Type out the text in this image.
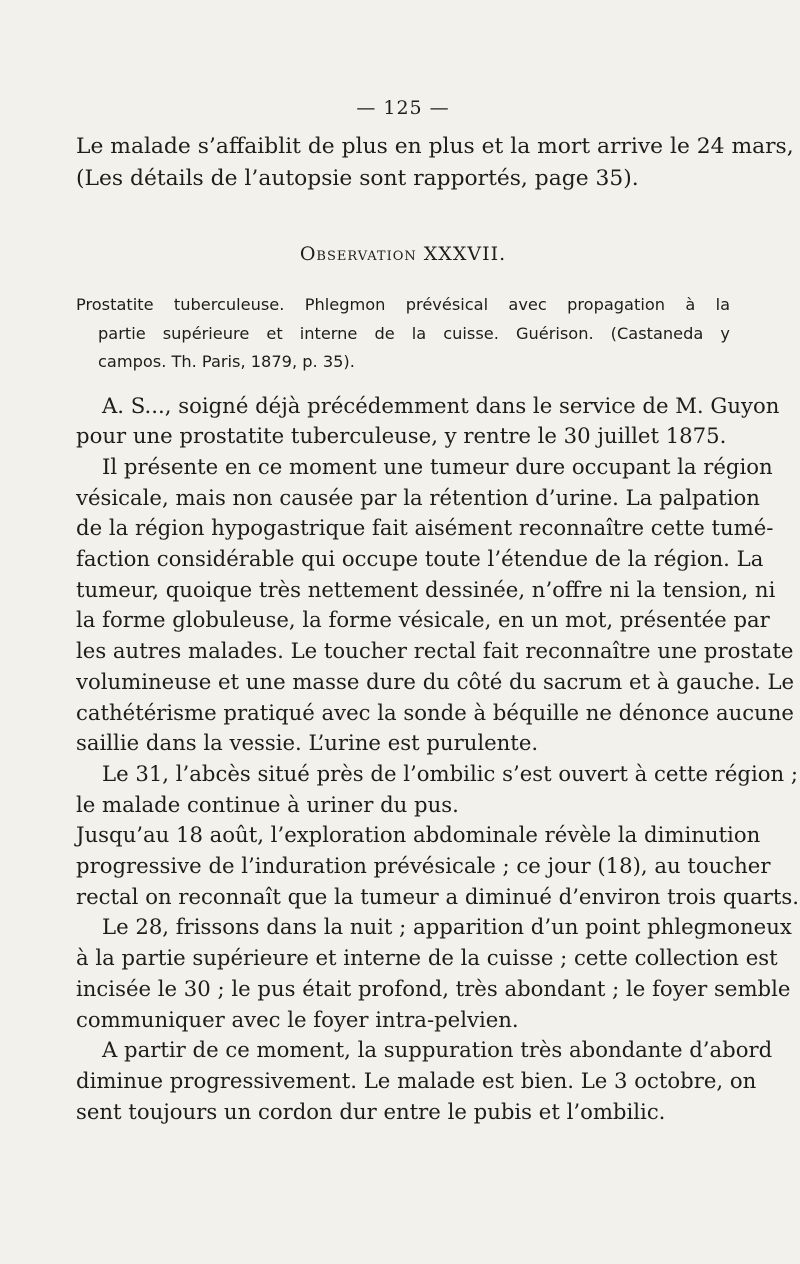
— 125 —
Le malade s’affaiblit de plus en plus et la mort arrive le 24 mars,
(Les détails de l’autopsie sont rapportés, page 35).
Observation XXXVII.
Prostatite tuberculeuse. Phlegmon prévésical avec propagation à la
partie supérieure et interne de la cuisse. Guérison. (Castaneda y
campos. Th. Paris, 1879, p. 35).
A. S..., soigné déjà précédemment dans le service de M. Guyon
pour une prostatite tuberculeuse, y rentre le 30 juillet 1875.
Il présente en ce moment une tumeur dure occupant la région
vésicale, mais non causée par la rétention d’urine. La palpation
de la région hypogastrique fait aisément reconnaître cette tumé-
faction considérable qui occupe toute l’étendue de la région. La
tumeur, quoique très nettement dessinée, n’offre ni la tension, ni
la forme globuleuse, la forme vésicale, en un mot, présentée par
les autres malades. Le toucher rectal fait reconnaître une prostate
volumineuse et une masse dure du côté du sacrum et à gauche. Le
cathétérisme pratiqué avec la sonde à béquille ne dénonce aucune
saillie dans la vessie. L’urine est purulente.
Le 31, l’abcès situé près de l’ombilic s’est ouvert à cette région ;
le malade continue à uriner du pus.
Jusqu’au 18 août, l’exploration abdominale révèle la diminution
progressive de l’induration prévésicale ; ce jour (18), au toucher
rectal on reconnaît que la tumeur a diminué d’environ trois quarts.
Le 28, frissons dans la nuit ; apparition d’un point phlegmoneux
à la partie supérieure et interne de la cuisse ; cette collection est
incisée le 30 ; le pus était profond, très abondant ; le foyer semble
communiquer avec le foyer intra-pelvien.
A partir de ce moment, la suppuration très abondante d’abord
diminue progressivement. Le malade est bien. Le 3 octobre, on
sent toujours un cordon dur entre le pubis et l’ombilic.
